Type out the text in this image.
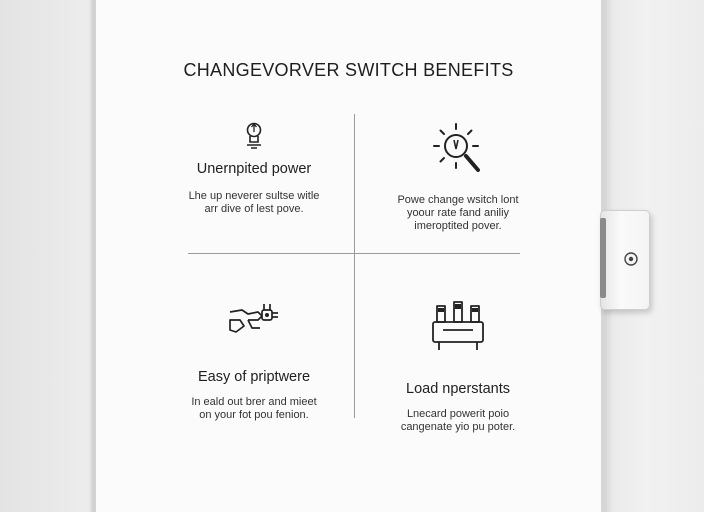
CHANGEVORVER SWITCH BENEFITS
Unernpited power
Lhe up neverer sultse witle
arr dive of lest pove.
Powe change wsitch lont
yoour rate fand aniliy
imeroptited pover.
Easy of priptwere
In eald out brer and mieet
on your fot pou fenion.
Load nperstants
Lnecard powerit poio
cangenate yio pu poter.
